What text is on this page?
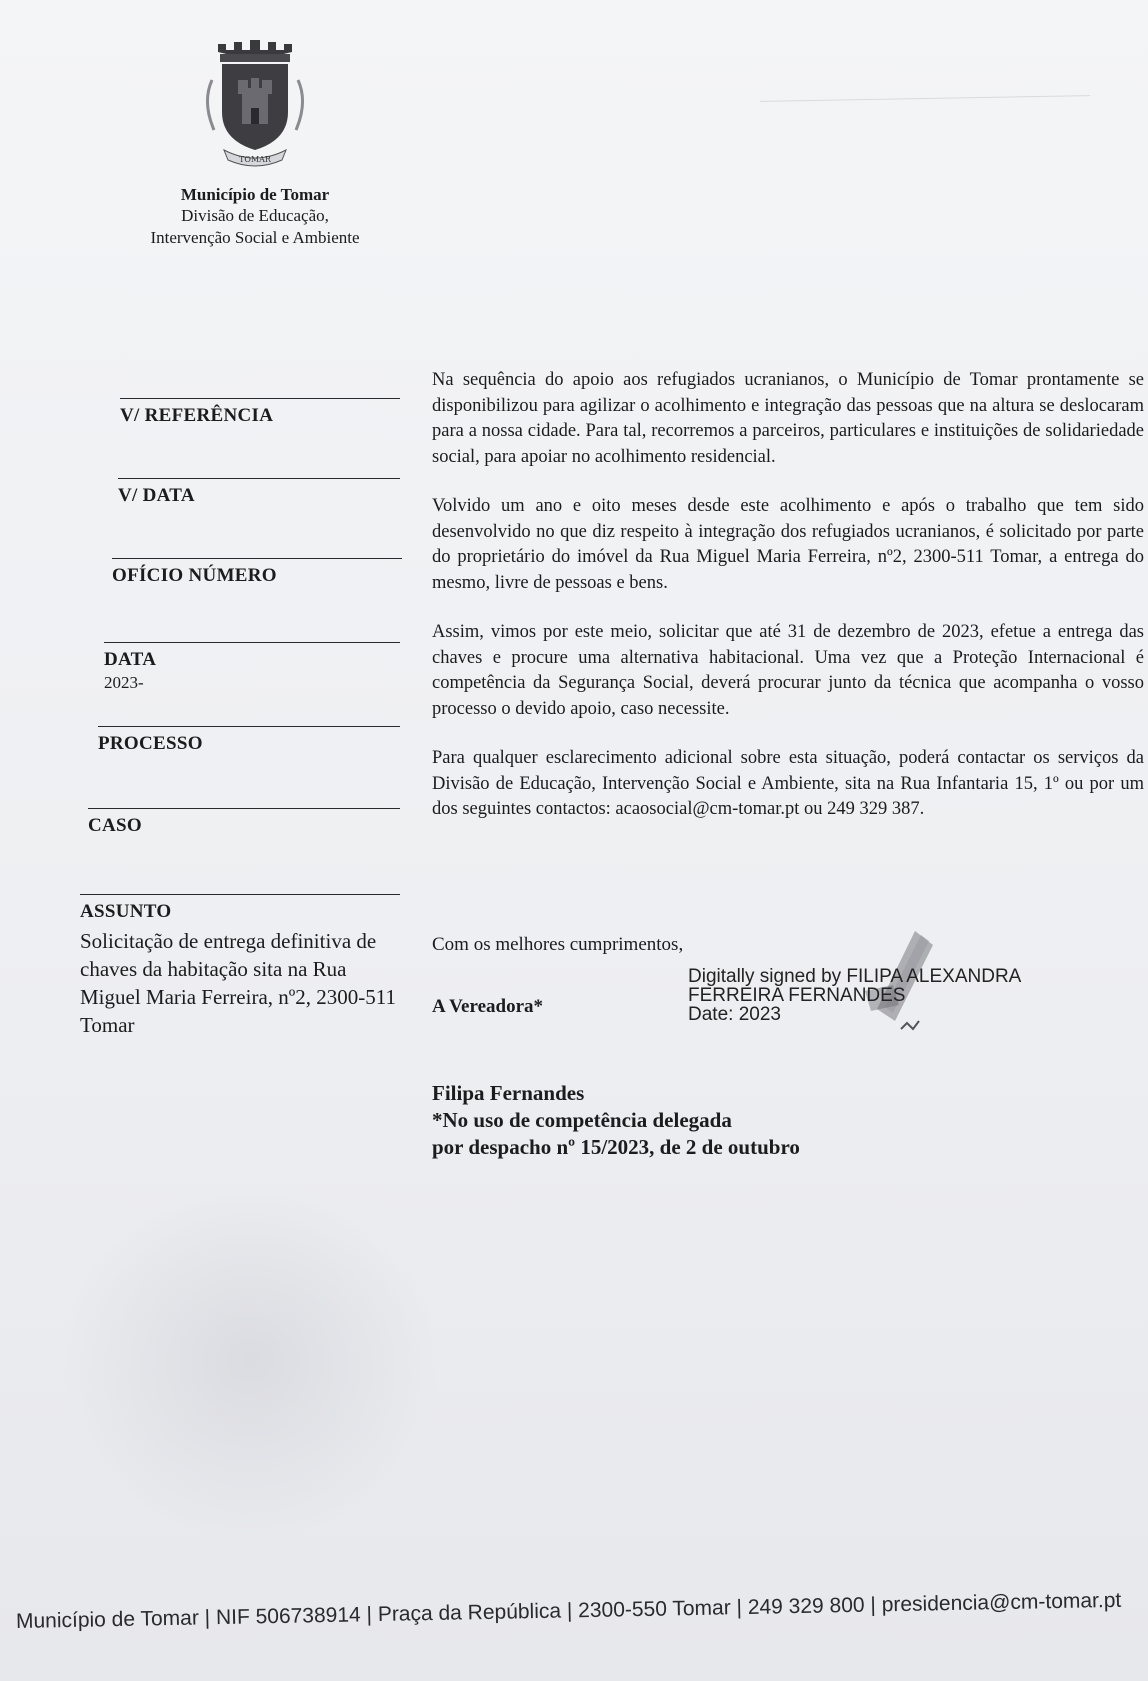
TOMAR
Município de Tomar
Divisão de Educação,
Intervenção Social e Ambiente
V/ REFERÊNCIA
V/ DATA
OFÍCIO NÚMERO
DATA
2023-
PROCESSO
CASO
ASSUNTO
Solicitação de entrega definitiva de chaves da habitação sita na Rua Miguel Maria Ferreira, nº2, 2300-511 Tomar

Na sequência do apoio aos refugiados ucranianos, o Município de Tomar prontamente se disponibilizou para agilizar o acolhimento e integração das pessoas que na altura se deslocaram para a nossa cidade. Para tal, recorremos a parceiros, particulares e instituições de solidariedade social, para apoiar no acolhimento residencial.

Volvido um ano e oito meses desde este acolhimento e após o trabalho que tem sido desenvolvido no que diz respeito à integração dos refugiados ucranianos, é solicitado por parte do proprietário do imóvel da Rua Miguel Maria Ferreira, nº2, 2300-511 Tomar, a entrega do mesmo, livre de pessoas e bens.

Assim, vimos por este meio, solicitar que até 31 de dezembro de 2023, efetue a entrega das chaves e procure uma alternativa habitacional. Uma vez que a Proteção Internacional é competência da Segurança Social, deverá procurar junto da técnica que acompanha o vosso processo o devido apoio, caso necessite.

Para qualquer esclarecimento adicional sobre esta situação, poderá contactar os serviços da Divisão de Educação, Intervenção Social e Ambiente, sita na Rua Infantaria 15, 1º ou por um dos seguintes contactos: acaosocial@cm-tomar.pt ou 249 329 387.

Com os melhores cumprimentos,
A Vereadora*
Digitally signed by FILIPA ALEXANDRA
FERREIRA FERNANDES
Date: 2023
Filipa Fernandes
*No uso de competência delegada
por despacho nº 15/2023, de 2 de outubro
Município de Tomar | NIF 506738914 | Praça da República | 2300-550 Tomar | 249 329 800 | presidencia@cm-tomar.pt
